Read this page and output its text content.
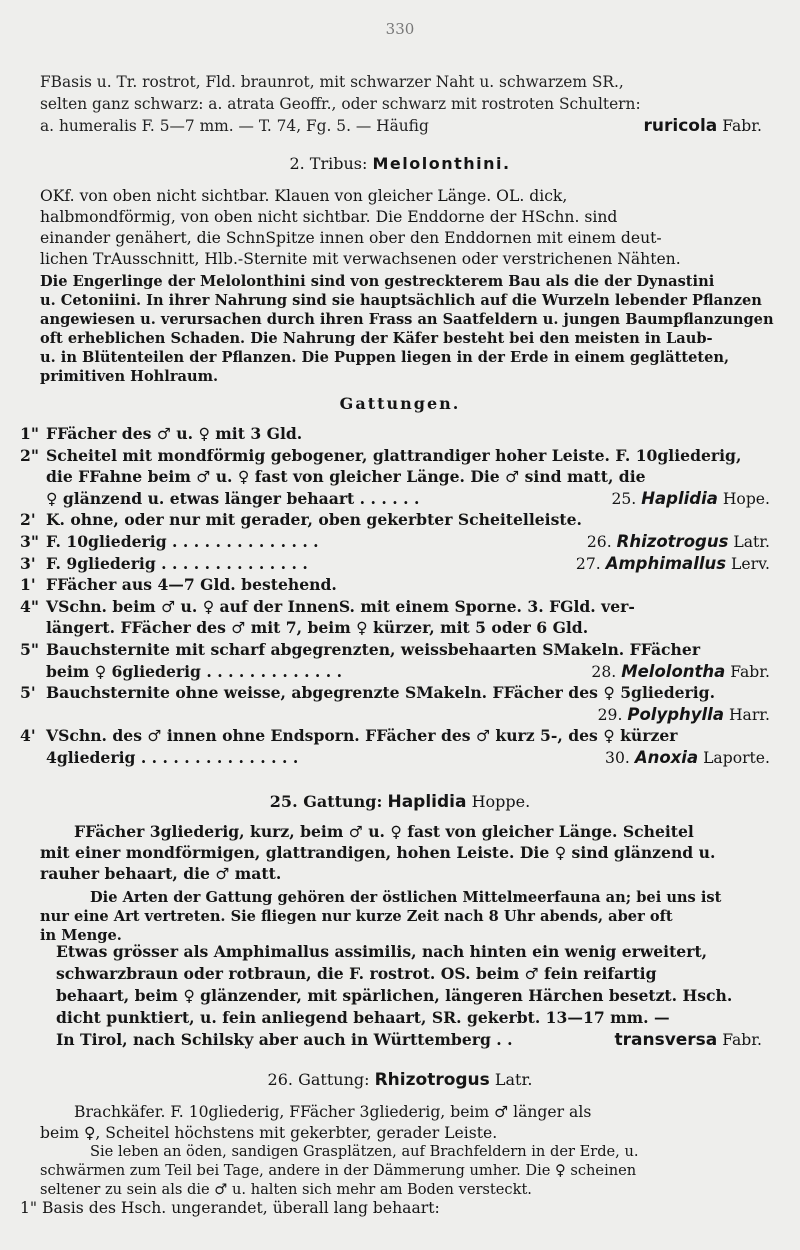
330
FBasis u. Tr. rostrot, Fld. braunrot, mit schwarzer Naht u. schwarzem SR.,
selten ganz schwarz: a. atrata Geoffr., oder schwarz mit rostroten Schultern:
a. humeralis F. 5—7 mm. — T. 74, Fg. 5. — Häufig	ruricola Fabr.
2. Tribus: Melolonthini.
OKf. von oben nicht sichtbar. Klauen von gleicher Länge. OL. dick,
halbmondförmig, von oben nicht sichtbar. Die Enddorne der HSchn. sind
einander genähert, die SchnSpitze innen ober den Enddornen mit einem deut-
lichen TrAusschnitt, Hlb.-Sternite mit verwachsenen oder verstrichenen Nähten.
Die Engerlinge der Melolonthini sind von gestreckterem Bau als die der Dynastini
u. Cetoniini. In ihrer Nahrung sind sie hauptsächlich auf die Wurzeln lebender Pflanzen
angewiesen u. verursachen durch ihren Frass an Saatfeldern u. jungen Baumpflanzungen
oft erheblichen Schaden. Die Nahrung der Käfer besteht bei den meisten in Laub-
u. in Blütenteilen der Pflanzen. Die Puppen liegen in der Erde in einem geglätteten,
primitiven Hohlraum.
Gattungen.
1" FFächer des ♂ u. ♀ mit 3 Gld.
2" Scheitel mit mondförmig gebogener, glattrandiger hoher Leiste. F. 10gliederig,
die FFahne beim ♂ u. ♀ fast von gleicher Länge. Die ♂ sind matt, die
♀ glänzend u. etwas länger behaart . . . . . .	25. Haplidia Hope.
2' K. ohne, oder nur mit gerader, oben gekerbter Scheitelleiste.
3" F. 10gliederig . . . . . . . . . . . . . .	26. Rhizotrogus Latr.
3' F. 9gliederig . . . . . . . . . . . . . .	27. Amphimallus Lerv.
1' FFächer aus 4—7 Gld. bestehend.
4" VSchn. beim ♂ u. ♀ auf der InnenS. mit einem Sporne. 3. FGld. ver-
längert. FFächer des ♂ mit 7, beim ♀ kürzer, mit 5 oder 6 Gld.
5" Bauchsternite mit scharf abgegrenzten, weissbehaarten SMakeln. FFächer
beim ♀ 6gliederig . . . . . . . . . . . . .	28. Melolontha Fabr.
5' Bauchsternite ohne weisse, abgegrenzte SMakeln. FFächer des ♀ 5gliederig.
29. Polyphylla Harr.
4' VSchn. des ♂ innen ohne Endsporn. FFächer des ♂ kurz 5-, des ♀ kürzer
4gliederig . . . . . . . . . . . . . . .	30. Anoxia Laporte.
25. Gattung: Haplidia Hoppe.
FFächer 3gliederig, kurz, beim ♂ u. ♀ fast von gleicher Länge. Scheitel
mit einer mondförmigen, glattrandigen, hohen Leiste. Die ♀ sind glänzend u.
rauher behaart, die ♂ matt.
Die Arten der Gattung gehören der östlichen Mittelmeerfauna an; bei uns ist
nur eine Art vertreten. Sie fliegen nur kurze Zeit nach 8 Uhr abends, aber oft
in Menge.
Etwas grösser als Amphimallus assimilis, nach hinten ein wenig erweitert,
schwarzbraun oder rotbraun, die F. rostrot. OS. beim ♂ fein reifartig
behaart, beim ♀ glänzender, mit spärlichen, längeren Härchen besetzt. Hsch.
dicht punktiert, u. fein anliegend behaart, SR. gekerbt. 13—17 mm. —
In Tirol, nach Schilsky aber auch in Württemberg . .	transversa Fabr.
26. Gattung: Rhizotrogus Latr.
Brachkäfer. F. 10gliederig, FFächer 3gliederig, beim ♂ länger als
beim ♀, Scheitel höchstens mit gekerbter, gerader Leiste.
Sie leben an öden, sandigen Grasplätzen, auf Brachfeldern in der Erde, u.
schwärmen zum Teil bei Tage, andere in der Dämmerung umher. Die ♀ scheinen
seltener zu sein als die ♂ u. halten sich mehr am Boden versteckt.
1" Basis des Hsch. ungerandet, überall lang behaart:
